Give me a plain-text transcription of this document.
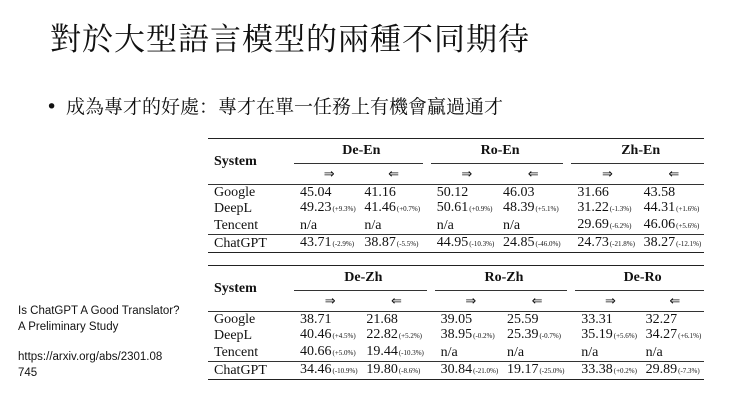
對於大型語言模型的兩種不同期待
• 成為專才的好處：專才在單一任務上有機會贏過通才
Is ChatGPT A Good Translator?
A Preliminary Study
https://arxiv.org/abs/2301.08
745
System	De-En			Ro-En			Zh-En	
	⇒	⇐		⇒	⇐		⇒	⇐
Google	45.04	41.16		50.12	46.03		31.66	43.58
DeepL	49.23(+9.3%)	41.46(+0.7%)		50.61(+0.9%)	48.39(+5.1%)		31.22(-1.3%)	44.31(+1.6%)
Tencent	n/a	n/a		n/a	n/a		29.69(-6.2%)	46.06(+5.6%)
ChatGPT	43.71(-2.9%)	38.87(-5.5%)		44.95(-10.3%)	24.85(-46.0%)		24.73(-21.8%)	38.27(-12.1%)
System	De-Zh			Ro-Zh			De-Ro	
	⇒	⇐		⇒	⇐		⇒	⇐
Google	38.71	21.68		39.05	25.59		33.31	32.27
DeepL	40.46(+4.5%)	22.82(+5.2%)		38.95(-0.2%)	25.39(-0.7%)		35.19(+5.6%)	34.27(+6.1%)
Tencent	40.66(+5.0%)	19.44(-10.3%)		n/a	n/a		n/a	n/a
ChatGPT	34.46(-10.9%)	19.80(-8.6%)		30.84(-21.0%)	19.17(-25.0%)		33.38(+0.2%)	29.89(-7.3%)
